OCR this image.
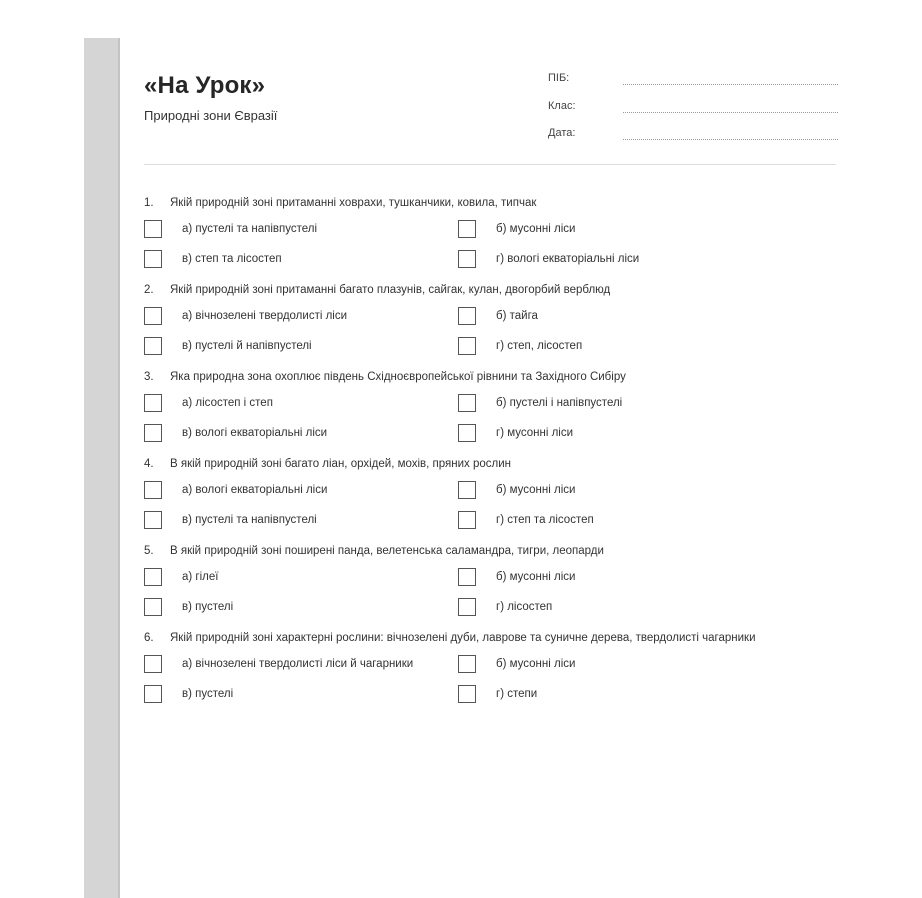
«На Урок»
Природні зони Євразії
ПІБ:
Клас:
Дата:
1.	Якій природній зоні притаманні ховрахи, тушканчики, ковила, типчак
а) пустелі та напівпустелі	б) мусонні ліси
в) степ та лісостеп	г) вологі екваторіальні ліси
2.	Якій природній зоні притаманні багато плазунів, сайгак, кулан, двогорбий верблюд
а) вічнозелені твердолисті ліси	б) тайга
в) пустелі й напівпустелі	г) степ, лісостеп
3.	Яка природна зона охоплює південь Східноєвропейської рівнини та Західного Сибіру
а) лісостеп і степ	б) пустелі і напівпустелі
в) вологі екваторіальні ліси	г) мусонні ліси
4.	В якій природній зоні багато ліан, орхідей, мохів, пряних рослин
а) вологі екваторіальні ліси	б) мусонні ліси
в) пустелі та напівпустелі	г) степ та лісостеп
5.	В якій природній зоні поширені панда, велетенська саламандра, тигри, леопарди
а) гілеї	б) мусонні ліси
в) пустелі	г) лісостеп
6.	Якій природній зоні характерні рослини: вічнозелені дуби, лаврове та суничне дерева, твердолисті чагарники
а) вічнозелені твердолисті ліси й чагарники	б) мусонні ліси
в) пустелі	г) степи
